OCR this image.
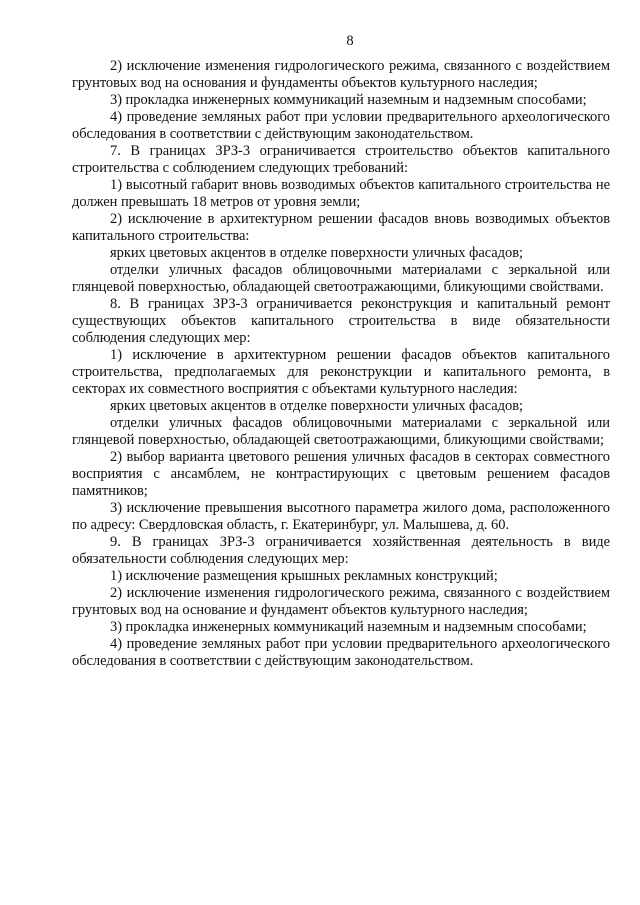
8

2) исключение изменения гидрологического режима, связанного с воздействием грунтовых вод на основания и фундаменты объектов культурного наследия;

3) прокладка инженерных коммуникаций наземным и надземным способами;

4) проведение земляных работ при условии предварительного археологического обследования в соответствии с действующим законодательством.

7. В границах ЗРЗ-3 ограничивается строительство объектов капитального строительства с соблюдением следующих требований:

1) высотный габарит вновь возводимых объектов капитального строительства не должен превышать 18 метров от уровня земли;

2) исключение в архитектурном решении фасадов вновь возводимых объектов капитального строительства:

ярких цветовых акцентов в отделке поверхности уличных фасадов;

отделки уличных фасадов облицовочными материалами с зеркальной или глянцевой поверхностью, обладающей светоотражающими, бликующими свойствами.

8. В границах ЗРЗ-3 ограничивается реконструкция и капитальный ремонт существующих объектов капитального строительства в виде обязательности соблюдения следующих мер:

1) исключение в архитектурном решении фасадов объектов капитального строительства, предполагаемых для реконструкции и капитального ремонта, в секторах их совместного восприятия с объектами культурного наследия:

ярких цветовых акцентов в отделке поверхности уличных фасадов;

отделки уличных фасадов облицовочными материалами с зеркальной или глянцевой поверхностью, обладающей светоотражающими, бликующими свойствами;

2) выбор варианта цветового решения уличных фасадов в секторах совместного восприятия с ансамблем, не контрастирующих с цветовым решением фасадов памятников;

3) исключение превышения высотного параметра жилого дома, расположенного по адресу: Свердловская область, г. Екатеринбург, ул. Малышева, д. 60.

9. В границах ЗРЗ-3 ограничивается хозяйственная деятельность в виде обязательности соблюдения следующих мер:

1) исключение размещения крышных рекламных конструкций;

2) исключение изменения гидрологического режима, связанного с воздействием грунтовых вод на основание и фундамент объектов культурного наследия;

3) прокладка инженерных коммуникаций наземным и надземным способами;

4) проведение земляных работ при условии предварительного археологического обследования в соответствии с действующим законодательством.
